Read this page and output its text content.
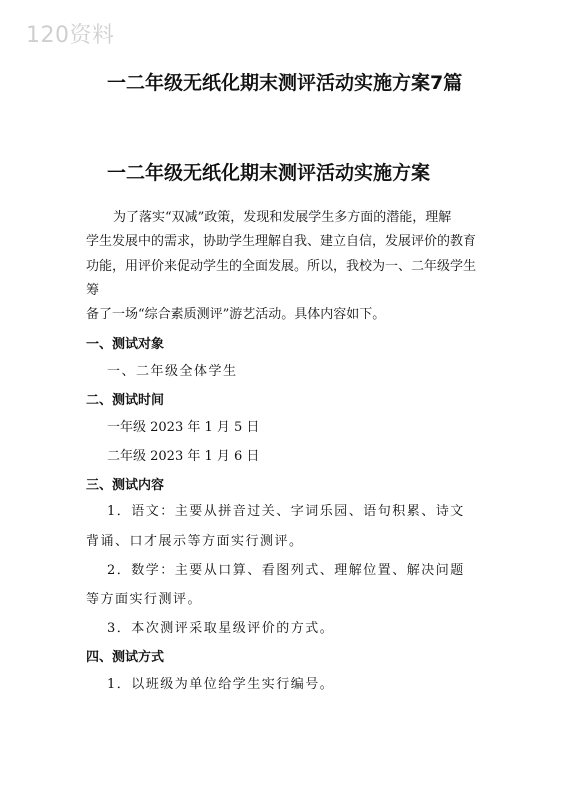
120资料
一二年级无纸化期末测评活动实施方案7篇
一二年级无纸化期末测评活动实施方案
为了落实“双减”政策，发现和发展学生多方面的潜能，理解
学生发展中的需求，协助学生理解自我、建立自信，发展评价的教育
功能，用评价来促动学生的全面发展。所以，我校为一、二年级学生
筹
备了一场“综合素质测评”游艺活动。具体内容如下。
一、测试对象
一、二年级全体学生
二、测试时间
一年级 2023 年 1 月 5 日
二年级 2023 年 1 月 6 日
三、测试内容
1．语文：主要从拼音过关、字词乐园、语句积累、诗文
背诵、口才展示等方面实行测评。
2．数学：主要从口算、看图列式、理解位置、解决问题
等方面实行测评。
3．本次测评采取星级评价的方式。
四、测试方式
1．以班级为单位给学生实行编号。
